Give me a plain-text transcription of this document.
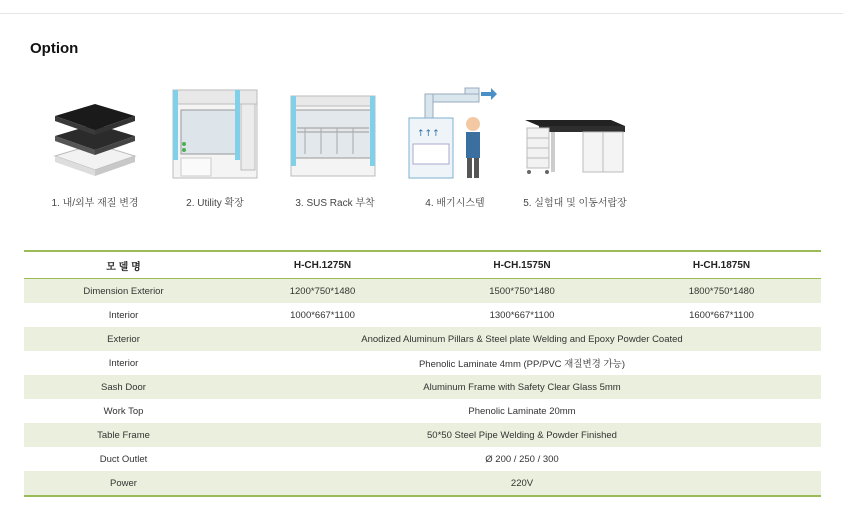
Option
1. 내/외부 재질 변경	2. Utility 확장	3. SUS Rack 부착
↑↑↑
4. 배기시스템	5. 실험대 및 이동서랍장
모 델 명	H-CH.1275N	H-CH.1575N	H-CH.1875N
Dimension Exterior	1200*750*1480	1500*750*1480	1800*750*1480
Interior	1000*667*1100	1300*667*1100	1600*667*1100
Exterior	Anodized Aluminum Pillars & Steel plate Welding and Epoxy Powder Coated		
Interior	Phenolic Laminate 4mm (PP/PVC 재질변경 가능)		
Sash Door	Aluminum Frame with Safety Clear Glass 5mm		
Work Top	Phenolic Laminate 20mm		
Table Frame	50*50 Steel Pipe Welding & Powder Finished		
Duct Outlet	Ø 200 / 250 / 300		
Power	220V		
